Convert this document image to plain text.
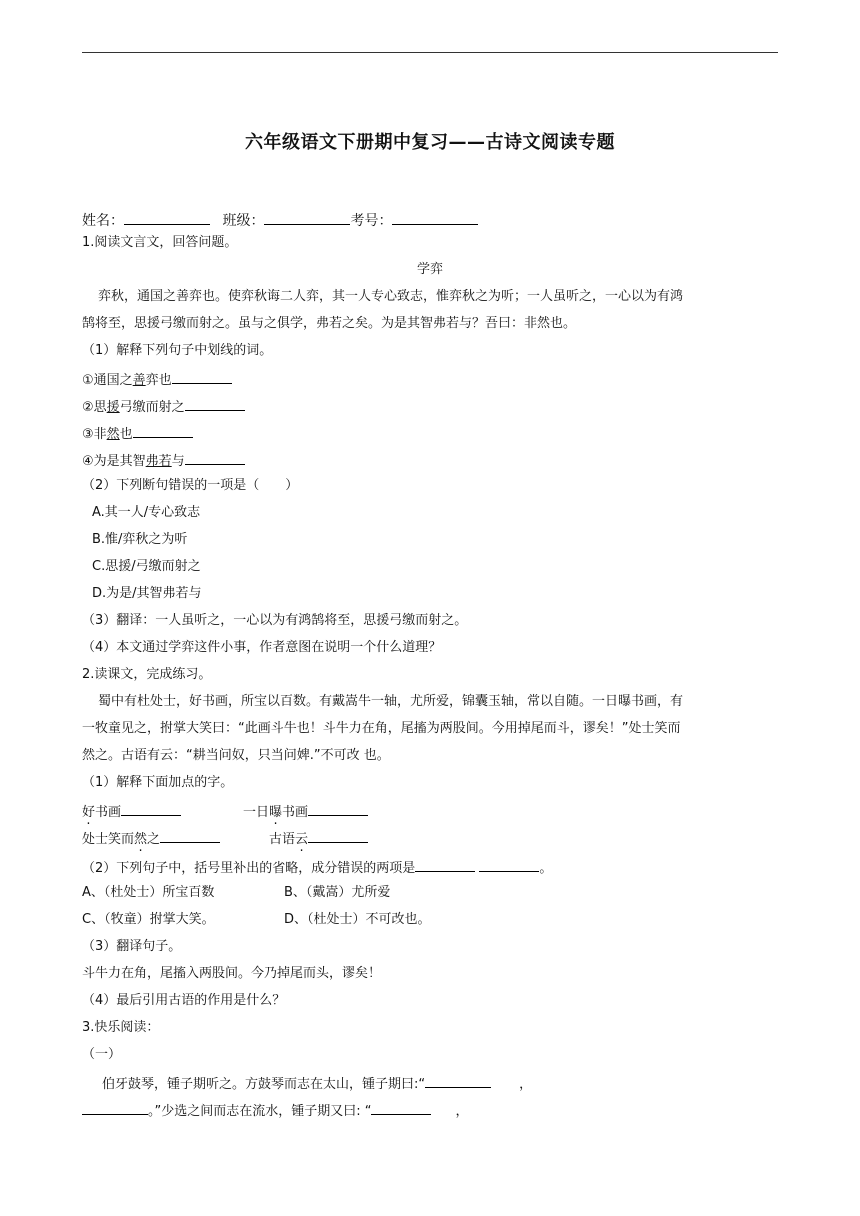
六年级语文下册期中复习——古诗文阅读专题
姓名：	班级：	考号：
1.阅读文言文，回答问题。
学弈
弈秋，通国之善弈也。使弈秋诲二人弈，其一人专心致志，惟弈秋之为听；一人虽听之，一心以为有鸿
鹄将至，思援弓缴而射之。虽与之俱学，弗若之矣。为是其智弗若与？吾曰：非然也。
（1）解释下列句子中划线的词。
①通国之善弈也
②思援弓缴而射之
③非然也
④为是其智弗若与
（2）下列断句错误的一项是（　　）
A.其一人/专心致志
B.惟/弈秋之为听
C.思援/弓缴而射之
D.为是/其智弗若与
（3）翻译：一人虽听之，一心以为有鸿鹄将至，思援弓缴而射之。
（4）本文通过学弈这件小事，作者意图在说明一个什么道理？
2.读课文，完成练习。
蜀中有杜处士，好书画，所宝以百数。有戴嵩牛一轴，尤所爱，锦囊玉轴，常以自随。一日曝书画，有
一牧童见之，拊掌大笑曰：“此画斗牛也！斗牛力在角，尾搐为两股间。今用掉尾而斗，谬矣！”处士笑而
然之。古语有云：“耕当问奴，只当问婢.”不可改 也。
（1）解释下面加点的字。
好书画	一日曝书画
处士笑而然之	古语云
（2）下列句子中，括号里补出的省略，成分错误的两项是	。
A、（杜处士）所宝百数	B、（戴嵩）尤所爱
C、（牧童）拊掌大笑。	D、（杜处士）不可改也。
（3）翻译句子。
斗牛力在角，尾搐入两股间。今乃掉尾而头，谬矣！
（4）最后引用古语的作用是什么？
3.快乐阅读：
（一）
伯牙鼓琴，锺子期听之。方鼓琴而志在太山，锺子期曰:“	，
。”少选之间而志在流水，锺子期又曰: “	，
